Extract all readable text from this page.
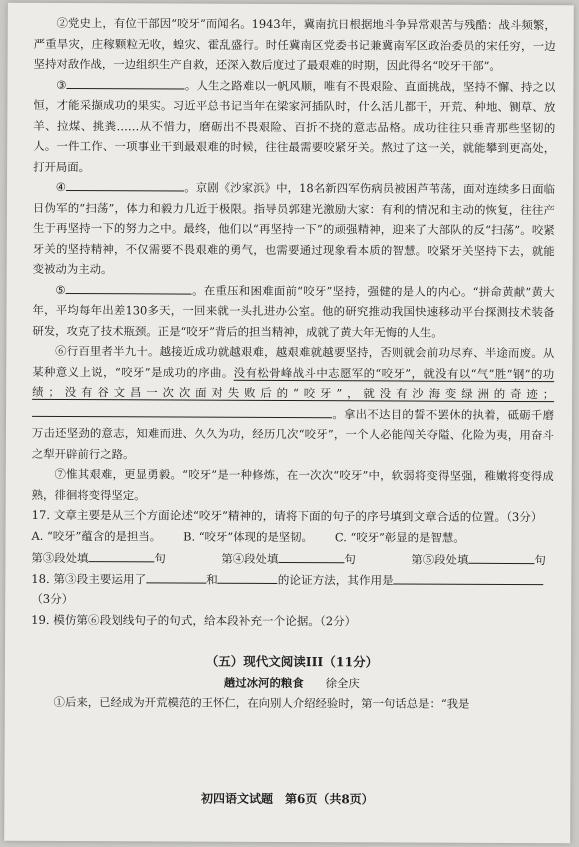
②党史上，有位干部因“咬牙”而闻名。1943年，冀南抗日根据地斗争异常艰苦与残酷：战斗频繁，严重旱灾，庄稼颗粒无收，蝗灾、霍乱盛行。时任冀南区党委书记兼冀南军区政治委员的宋任穷，一边坚持对敌作战，一边组织生产自救，还深入数后度过了最艰难的时期，因此得名“咬牙干部”。

③	。人生之路难以一帆风顺，唯有不畏艰险、直面挑战，坚持不懈、持之以恒，才能采撷成功的果实。习近平总书记当年在梁家河插队时，什么活儿都干，开荒、种地、铡草、放羊、拉煤、挑粪……从不惜力，磨砺出不畏艰险、百折不挠的意志品格。成功往往只垂青那些坚韧的人。一件工作、一项事业干到最艰难的时候，往往最需要咬紧牙关。熬过了这一关，就能攀到更高处，打开局面。

④	。京剧《沙家浜》中，18名新四军伤病员被困芦苇荡，面对连续多日面临日伪军的“扫荡”，体力和毅力几近于极限。指导员郭建光激励大家：有利的情况和主动的恢复，往往产生于再坚持一下的努力之中。最终，他们以“再坚持一下”的顽强精神，迎来了大部队的反“扫荡”。咬紧牙关的坚持精神，不仅需要不畏艰难的勇气，也需要通过现象看本质的智慧。咬紧牙关坚持下去，就能变被动为主动。

⑤	。在重压和困难面前“咬牙”坚持，强健的是人的内心。“拼命黄献”黄大年，平均每年出差130多天，一回来就一头扎进办公室。他的研究推动我国快速移动平台探测技术装备研发，攻克了技术瓶颈。正是“咬牙”背后的担当精神，成就了黄大年无悔的人生。

⑥行百里者半九十。越接近成功就越艰难，越艰难就越要坚持，否则就会前功尽弃、半途而废。从某种意义上说，“咬牙”是成功的序曲。没有松骨峰战斗中志愿军的“咬牙”，就没有以“气”胜“钢”的功绩；没有谷文昌一次次面对失败后的“咬牙”，就没有沙海变绿洲的奇迹；。拿出不达目的誓不罢休的执着，砥砺千磨万击还坚劲的意志，知难而进、久久为功，经历几次“咬牙”，一个人必能闯关夺隘、化险为夷，用奋斗之犁开辟前行之路。

⑦惟其艰难，更显勇毅。“咬牙”是一种修炼，在一次次“咬牙”中，软弱将变得坚强，稚嫩将变得成熟，徘徊将变得坚定。

17. 文章主要是从三个方面论述“咬牙”精神的，请将下面的句子的序号填到文章合适的位置。（3分）

A. “咬牙”蕴含的是担当。 B. “咬牙”体现的是坚韧。 C. “咬牙”彰显的是智慧。
第③段处填	句	第④段处填	句	第⑤段处填	句

18. 第③段主要运用了	和	的论证方法，其作用是

（3分）

19. 模仿第⑥段划线句子的句式，给本段补充一个论据。（2分）

（五）现代文阅读III（11分）
趟过冰河的粮食 徐全庆

①后来，已经成为开荒模范的王怀仁，在向别人介绍经验时，第一句话总是：“我是

初四语文试题　第6页（共8页）
